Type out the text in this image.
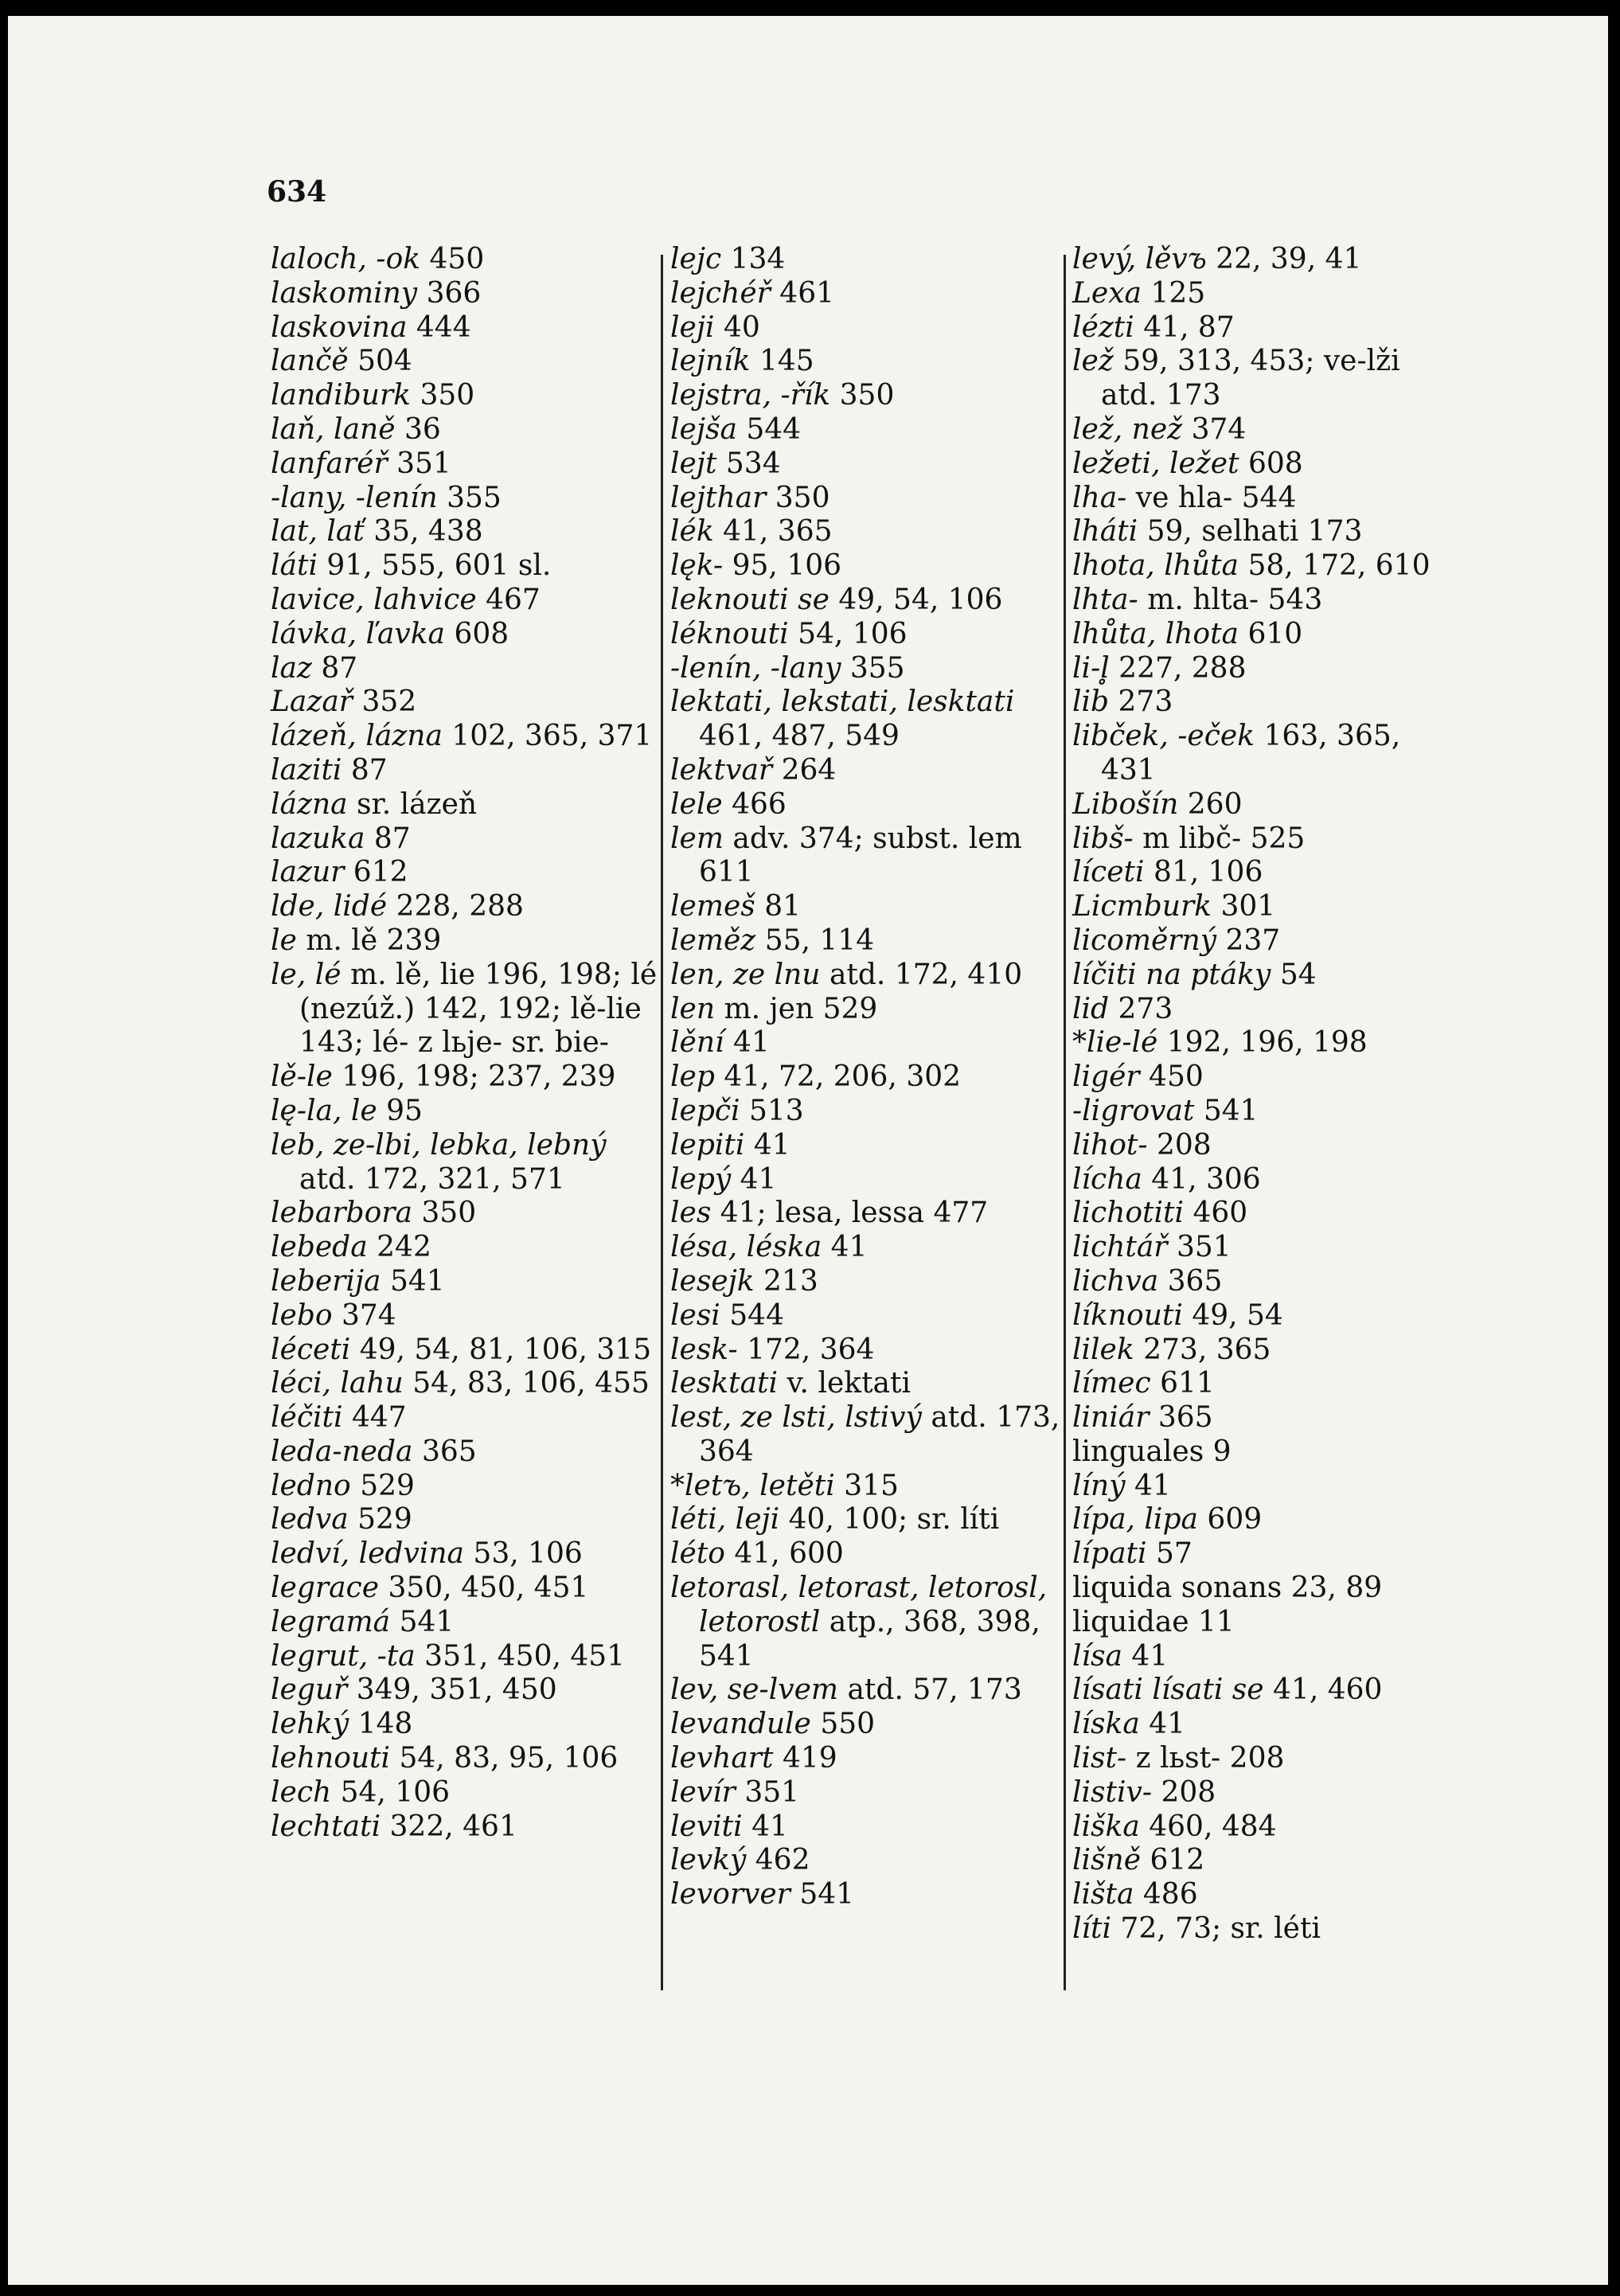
634
laloch, -ok 450
laskominy 366
laskovina 444
lančě 504
landiburk 350
laň, laně 36
lanfaréř 351
-lany, -lenín 355
lat, lať 35, 438
láti 91, 555, 601 sl.
lavice, lahvice 467
lávka, ľavka 608
laz 87
Lazař 352
lázeň, lázna 102, 365, 371
laziti 87
lázna sr. lázeň
lazuka 87
lazur 612
lde, lidé 228, 288
le m. lě 239
le, lé m. lě, lie 196, 198; lé (nezúž.) 142, 192; lě-lie 143; lé- z lьje- sr. bie-
lě-le 196, 198; 237, 239
lę-la, le 95
leb, ze-lbi, lebka, lebnýatd. 172, 321, 571
lebarbora 350
lebeda 242
leberija 541
lebo 374
léceti 49, 54, 81, 106, 315
léci, lahu 54, 83, 106, 455
léčiti 447
leda-neda 365
ledno 529
ledva 529
ledví, ledvina 53, 106
legrace 350, 450, 451
legramá 541
legrut, -ta 351, 450, 451
leguř 349, 351, 450
lehký 148
lehnouti 54, 83, 95, 106
lech 54, 106
lechtati 322, 461
lejc 134
lejchéř 461
leji 40
lejník 145
lejstra, -řík 350
lejša 544
lejt 534
lejthar 350
lék 41, 365
lęk- 95, 106
leknouti se 49, 54, 106
léknouti 54, 106
-lenín, -lany 355
lektati, lekstati, lesktati461, 487, 549
lektvař 264
lele 466
lem adv. 374; subst. lem 611
lemeš 81
leměz 55, 114
len, ze lnu atd. 172, 410
len m. jen 529
lění 41
lep 41, 72, 206, 302
lepči 513
lepiti 41
lepý 41
les 41; lesa, lessa 477
lésa, léska 41
lesejk 213
lesi 544
lesk- 172, 364
lesktati v. lektati
lest, ze lsti, lstivý atd. 173, 364
*letъ, letěti 315
léti, leji 40, 100; sr. líti
léto 41, 600
letorasl, letorast, letorosl, letorostl atp., 368, 398, 541
lev, se-lvem atd. 57, 173
levandule 550
levhart 419
levír 351
leviti 41
levký 462
levorver 541
levý, lěvъ 22, 39, 41
Lexa 125
lézti 41, 87
lež 59, 313, 453; ve-lži atd. 173
lež, než 374
ležeti, ležet 608
lha- ve hla- 544
lháti 59, selhati 173
lhota, lhůta 58, 172, 610
lhta- m. hlta- 543
lhůta, lhota 610
li-l̥ 227, 288
lib 273
libček, -eček 163, 365, 431
Libošín 260
libš- m libč- 525
líceti 81, 106
Licmburk 301
licoměrný 237
líčiti na ptáky 54
lid 273
*lie-lé 192, 196, 198
ligér 450
-ligrovat 541
lihot- 208
lícha 41, 306
lichotiti 460
lichtář 351
lichva 365
líknouti 49, 54
lilek 273, 365
límec 611
liniár 365
linguales 9
líný 41
lípa, lipa 609
lípati 57
liquida sonans 23, 89
liquidae 11
lísa 41
lísati lísati se 41, 460
líska 41
list- z lьst- 208
listiv- 208
liška 460, 484
lišně 612
lišta 486
líti 72, 73; sr. léti
